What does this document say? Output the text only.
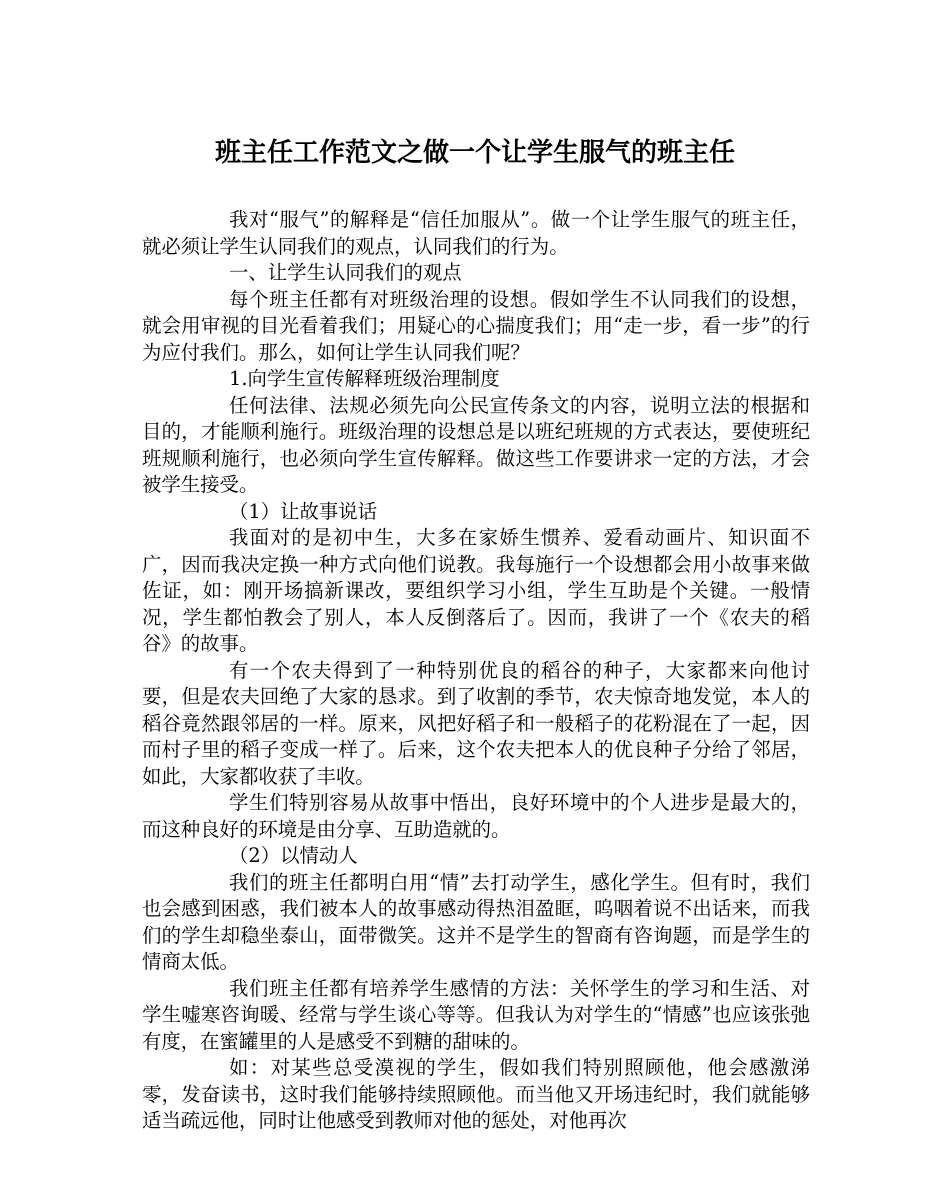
班主任工作范文之做一个让学生服气的班主任

我对“服气”的解释是“信任加服从”。做一个让学生服气的班主任，就必须让学生认同我们的观点，认同我们的行为。

一、让学生认同我们的观点

每个班主任都有对班级治理的设想。假如学生不认同我们的设想，就会用审视的目光看着我们；用疑心的心揣度我们；用“走一步，看一步”的行为应付我们。那么，如何让学生认同我们呢？

1.向学生宣传解释班级治理制度

任何法律、法规必须先向公民宣传条文的内容，说明立法的根据和目的，才能顺利施行。班级治理的设想总是以班纪班规的方式表达，要使班纪班规顺利施行，也必须向学生宣传解释。做这些工作要讲求一定的方法，才会被学生接受。

（1）让故事说话

我面对的是初中生，大多在家娇生惯养、爱看动画片、知识面不广，因而我决定换一种方式向他们说教。我每施行一个设想都会用小故事来做佐证，如：刚开场搞新课改，要组织学习小组，学生互助是个关键。一般情况，学生都怕教会了别人，本人反倒落后了。因而，我讲了一个《农夫的稻谷》的故事。

有一个农夫得到了一种特别优良的稻谷的种子，大家都来向他讨要，但是农夫回绝了大家的恳求。到了收割的季节，农夫惊奇地发觉，本人的稻谷竟然跟邻居的一样。原来，风把好稻子和一般稻子的花粉混在了一起，因而村子里的稻子变成一样了。后来，这个农夫把本人的优良种子分给了邻居，如此，大家都收获了丰收。

学生们特别容易从故事中悟出，良好环境中的个人进步是最大的，而这种良好的环境是由分享、互助造就的。

（2）以情动人

我们的班主任都明白用“情”去打动学生，感化学生。但有时，我们也会感到困惑，我们被本人的故事感动得热泪盈眶，呜咽着说不出话来，而我们的学生却稳坐泰山，面带微笑。这并不是学生的智商有咨询题，而是学生的情商太低。

我们班主任都有培养学生感情的方法：关怀学生的学习和生活、对学生嘘寒咨询暖、经常与学生谈心等等。但我认为对学生的“情感”也应该张弛有度，在蜜罐里的人是感受不到糖的甜味的。

如：对某些总受漠视的学生，假如我们特别照顾他，他会感激涕零，发奋读书，这时我们能够持续照顾他。而当他又开场违纪时，我们就能够适当疏远他，同时让他感受到教师对他的惩处，对他再次
